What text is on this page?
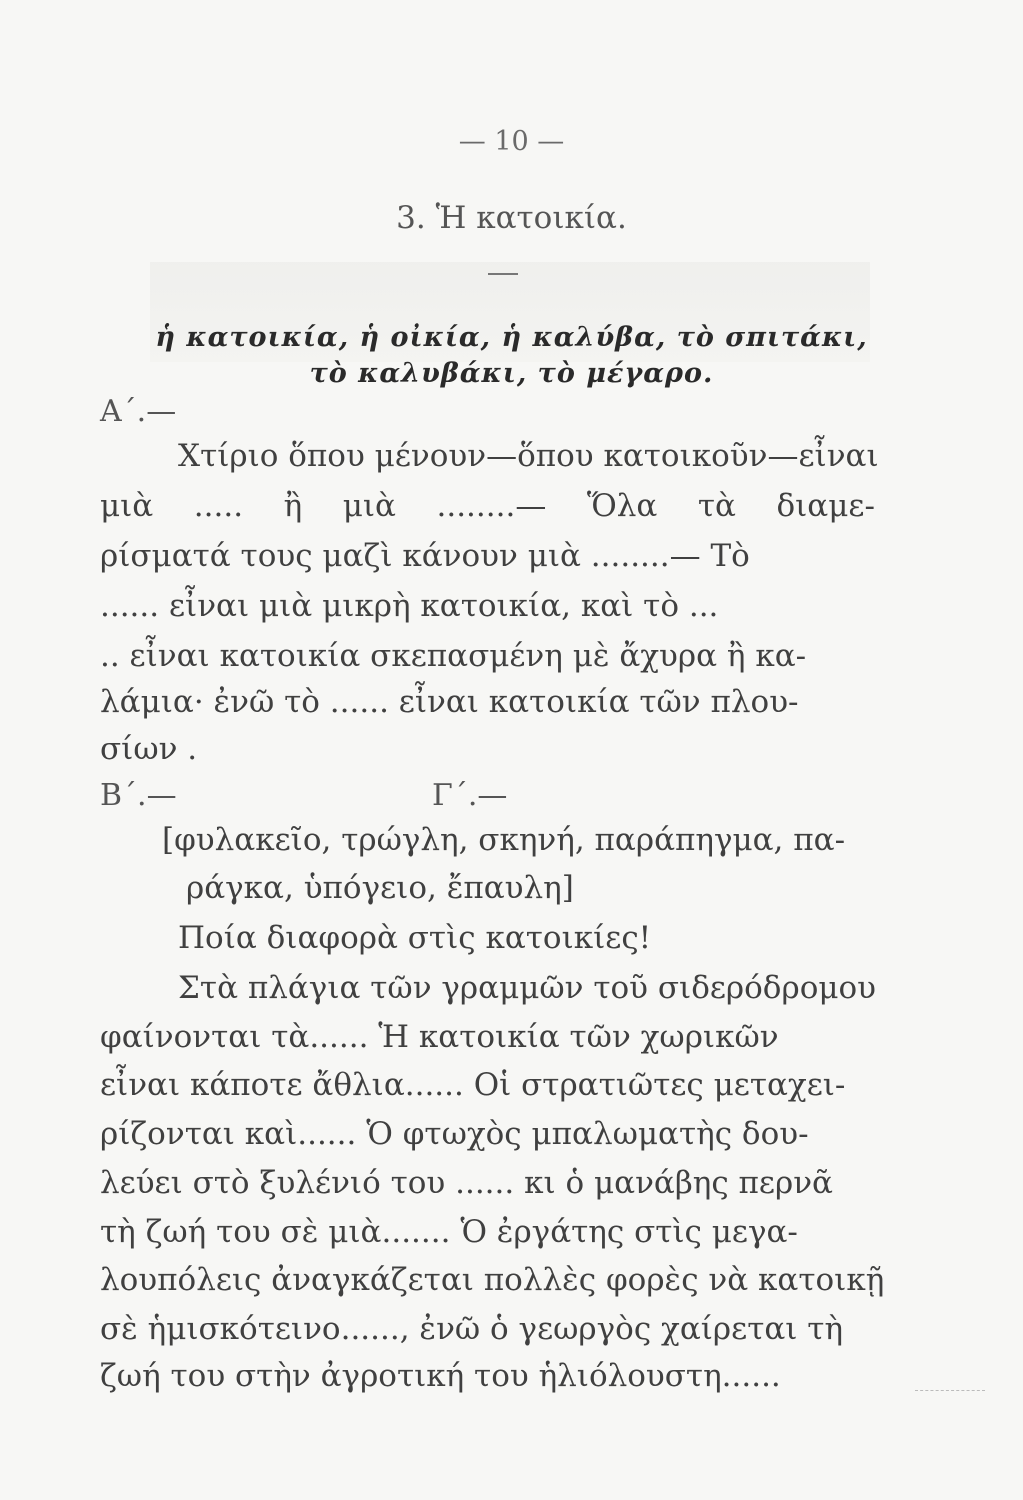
— 10 —
3. Ἡ κατοικία.
ἡ κατοικία, ἡ οἰκία, ἡ καλύβα, τὸ σπιτάκι,
τὸ καλυβάκι, τὸ μέγαρο.
Α΄.—
Χτίριο ὅπου μένουν—ὅπου κατοικοῦν—εἶναι
μιὰ ..... ἢ μιὰ ........— Ὅλα τὰ διαμε-
ρίσματά τους μαζὶ κάνουν μιὰ ........— Τὸ
...... εἶναι μιὰ μικρὴ κατοικία, καὶ τὸ ...
.. εἶναι κατοικία σκεπασμένη μὲ ἄχυρα ἢ κα-
λάμια· ἐνῶ τὸ ...... εἶναι κατοικία τῶν πλου-
σίων .
Β΄.—	Γ΄.—
[φυλακεῖο, τρώγλη, σκηνή, παράπηγμα, πα-
ράγκα, ὑπόγειο, ἔπαυλη]
Ποία διαφορὰ στὶς κατοικίες!
Στὰ πλάγια τῶν γραμμῶν τοῦ σιδερόδρομου
φαίνονται τὰ...... Ἡ κατοικία τῶν χωρικῶν
εἶναι κάποτε ἄθλια...... Οἱ στρατιῶτες μεταχει-
ρίζονται καὶ...... Ὁ φτωχὸς μπαλωματὴς δου-
λεύει στὸ ξυλένιό του ...... κι ὁ μανάβης περνᾶ
τὴ ζωή του σὲ μιὰ....... Ὁ ἐργάτης στὶς μεγα-
λουπόλεις ἀναγκάζεται πολλὲς φορὲς νὰ κατοικῇ
σὲ ἡμισκότεινο......, ἐνῶ ὁ γεωργὸς χαίρεται τὴ
ζωή του στὴν ἀγροτική του ἡλιόλουστη......
